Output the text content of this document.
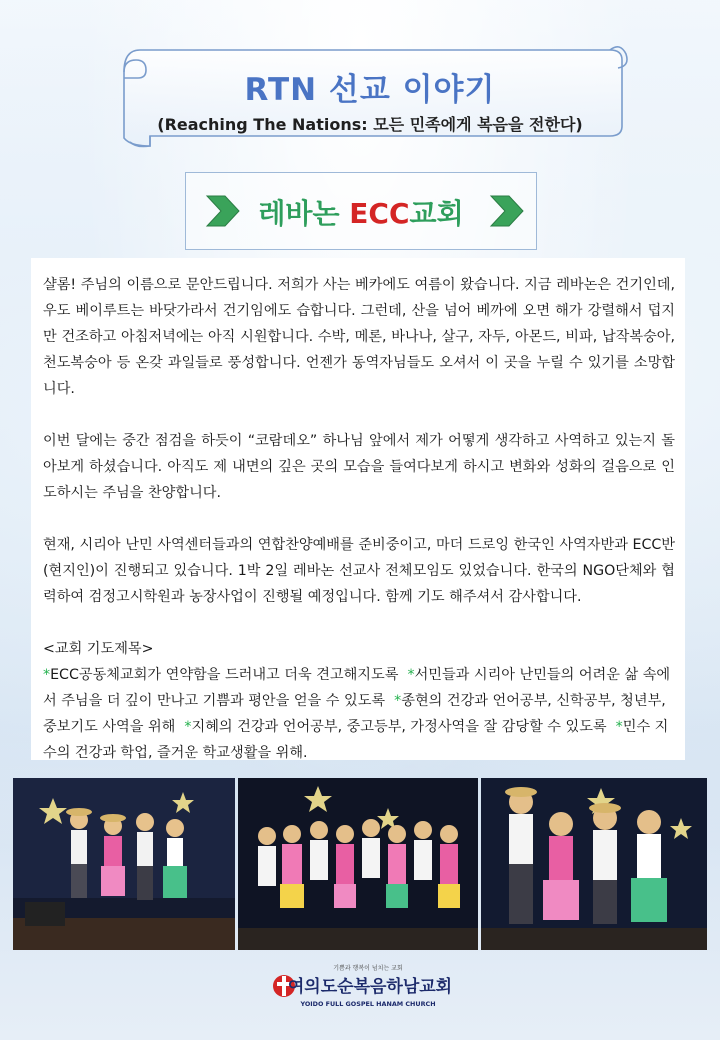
RTN 선교 이야기
(Reaching The Nations: 모든 민족에게 복음을 전한다)
레바논 ECC교회

샬롬! 주님의 이름으로 문안드립니다. 저희가 사는 베카에도 여름이 왔습니다. 지금 레바논은 건기인데, 우도 베이루트는 바닷가라서 건기임에도 습합니다. 그런데, 산을 넘어 베까에 오면 해가 강렬해서 덥지만 건조하고 아침저녁에는 아직 시원합니다. 수박, 메론, 바나나, 살구, 자두, 아몬드, 비파, 납작복숭아, 천도복숭아 등 온갖 과일들로 풍성합니다. 언젠가 동역자님들도 오셔서 이 곳을 누릴 수 있기를 소망합니다.

이번 달에는 중간 점검을 하듯이 “코람데오” 하나님 앞에서 제가 어떻게 생각하고 사역하고 있는지 돌아보게 하셨습니다. 아직도 제 내면의 깊은 곳의 모습을 들여다보게 하시고 변화와 성화의 걸음으로 인도하시는 주님을 찬양합니다.

현재, 시리아 난민 사역센터들과의 연합찬양예배를 준비중이고, 마더 드로잉 한국인 사역자반과 ECC반(현지인)이 진행되고 있습니다. 1박 2일 레바논 선교사 전체모임도 있었습니다. 한국의 NGO단체와 협력하여 검정고시학원과 농장사업이 진행될 예정입니다. 함께 기도 해주셔서 감사합니다.

<교회 기도제목>
*ECC공동체교회가 연약함을 드러내고 더욱 견고해지도록 *서민들과 시리아 난민들의 어려운 삶 속에서 주님을 더 깊이 만나고 기쁨과 평안을 얻을 수 있도록 *종현의 건강과 언어공부, 신학공부, 청년부, 중보기도 사역을 위해 *지혜의 건강과 언어공부, 중고등부, 가정사역을 잘 감당할 수 있도록 *민수 지수의 건강과 학업, 즐거운 학교생활을 위해.
기쁨과 행복이 넘치는 교회
여의도순복음하남교회
YOIDO FULL GOSPEL HANAM CHURCH
